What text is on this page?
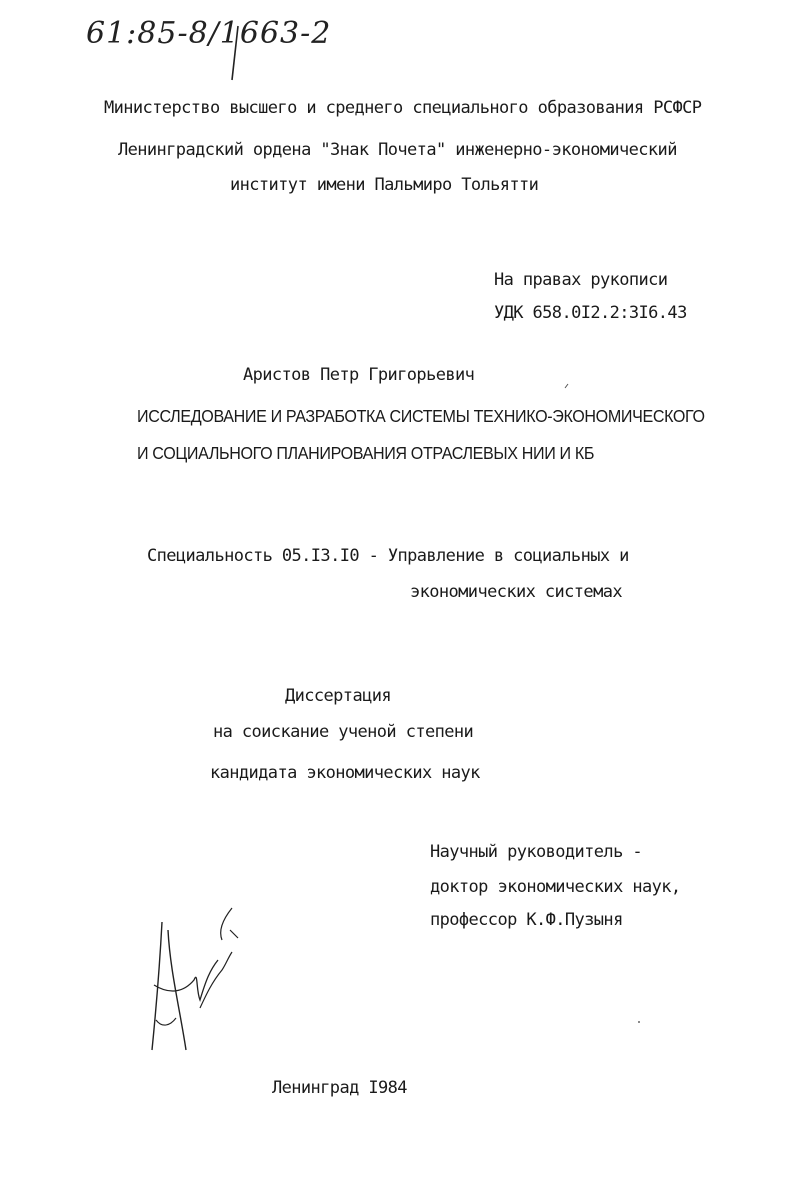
61:85-8/1663-2
Министерство высшего и среднего специального образования РСФСР
Ленинградский ордена "Знак Почета" инженерно-экономический
институт имени Пальмиро Тольятти
На правах рукописи
УДК 658.0I2.2:3I6.43
Аристов Петр Григорьевич
ИССЛЕДОВАНИЕ И РАЗРАБОТКА СИСТЕМЫ ТЕХНИКО-ЭКОНОМИЧЕСКОГО
И СОЦИАЛЬНОГО ПЛАНИРОВАНИЯ ОТРАСЛЕВЫХ НИИ И КБ
Специальность 05.I3.I0 - Управление в социальных и
экономических системах
Диссертация
на соискание ученой степени
кандидата экономических наук
Научный руководитель -
доктор экономических наук,
профессор К.Ф.Пузыня
Ленинград I984
